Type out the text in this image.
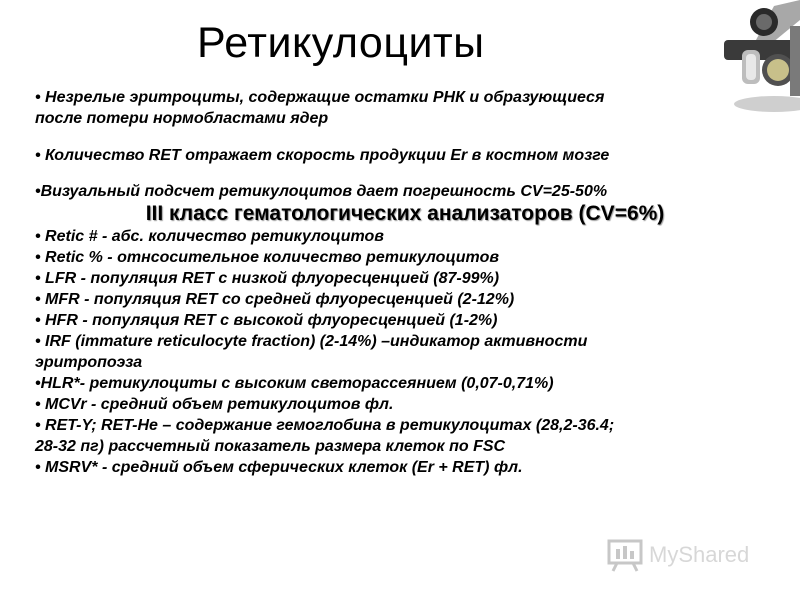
Ретикулоциты
• Незрелые эритроциты, содержащие остатки РНК и образующиеся
после потери нормобластами ядер
• Количество RET отражает скорость продукции Er в костном мозге
•Визуальный подсчет ретикулоцитов дает погрешность CV=25-50%
III класс гематологических анализаторов (CV=6%)
• Retic # - абс. количество ретикулоцитов
• Retic % - отнсосительное количество ретикулоцитов
• LFR - популяция RET с низкой флуоресценцией (87-99%)
• MFR - популяция RET со средней флуоресценцией (2-12%)
• HFR - популяция RET с высокой флуоресценцией (1-2%)
• IRF (immature reticulocyte fraction) (2-14%) –индикатор активности
эритропоэза
•HLR*- ретикулоциты с высоким светорассеянием (0,07-0,71%)
• MCVr - средний объем ретикулоцитов фл.
• RET-Y; RET-He – содержание гемоглобина в ретикулоцитах (28,2-36.4;
28-32 пг) рассчетный показатель размера клеток по FSC
• MSRV* - средний объем сферических клеток (Er + RET) фл.
MyShared
